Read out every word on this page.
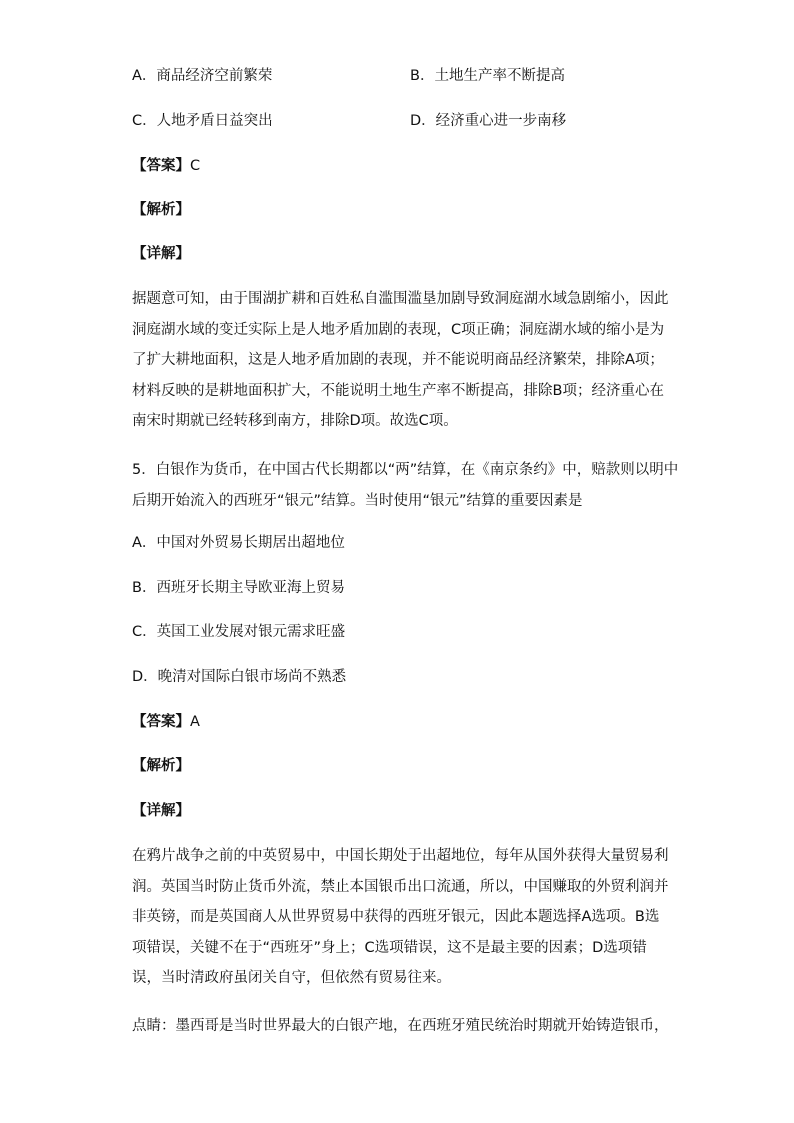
A．商品经济空前繁荣	B．土地生产率不断提高
C．人地矛盾日益突出	D．经济重心进一步南移
【答案】C
【解析】
【详解】
据题意可知，由于围湖扩耕和百姓私自滥围滥垦加剧导致洞庭湖水域急剧缩小，因此
洞庭湖水域的变迁实际上是人地矛盾加剧的表现，C项正确；洞庭湖水域的缩小是为
了扩大耕地面积，这是人地矛盾加剧的表现，并不能说明商品经济繁荣，排除A项；
材料反映的是耕地面积扩大，不能说明土地生产率不断提高，排除B项；经济重心在
南宋时期就已经转移到南方，排除D项。故选C项。
5．白银作为货币，在中国古代长期都以“两”结算，在《南京条约》中，赔款则以明中
后期开始流入的西班牙“银元”结算。当时使用“银元”结算的重要因素是
A．中国对外贸易长期居出超地位
B．西班牙长期主导欧亚海上贸易
C．英国工业发展对银元需求旺盛
D．晚清对国际白银市场尚不熟悉
【答案】A
【解析】
【详解】
在鸦片战争之前的中英贸易中，中国长期处于出超地位，每年从国外获得大量贸易利
润。英国当时防止货币外流，禁止本国银币出口流通，所以，中国赚取的外贸利润并
非英镑，而是英国商人从世界贸易中获得的西班牙银元，因此本题选择A选项。B选
项错误，关键不在于“西班牙”身上；C选项错误，这不是最主要的因素；D选项错
误，当时清政府虽闭关自守，但依然有贸易往来。
点睛：墨西哥是当时世界最大的白银产地，在西班牙殖民统治时期就开始铸造银币，
